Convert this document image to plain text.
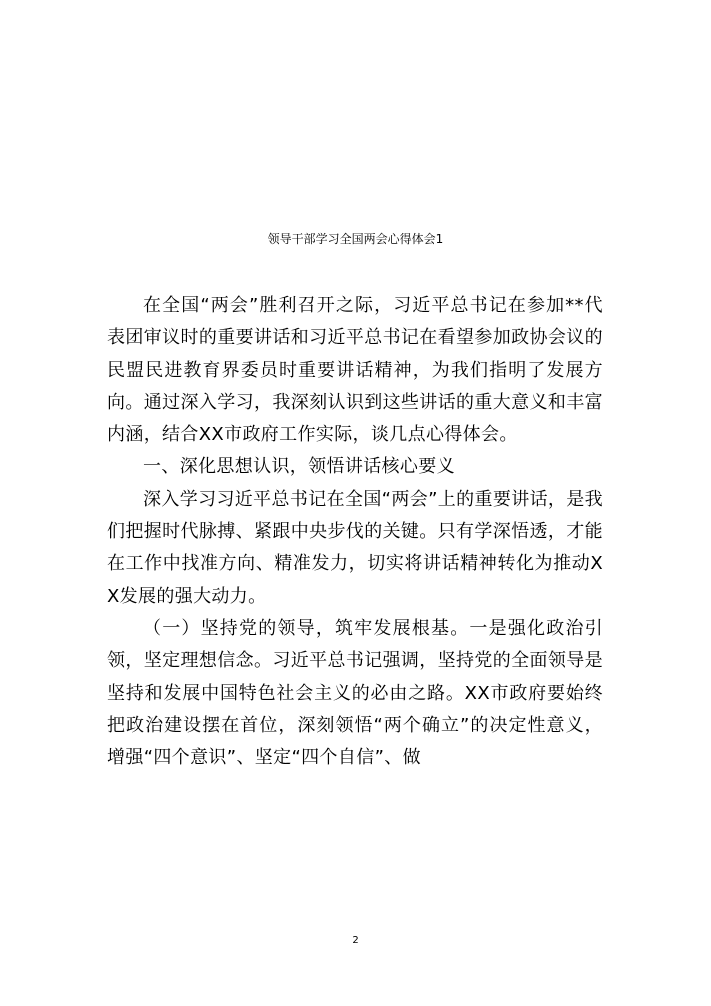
领导干部学习全国两会心得体会1

在全国“两会”胜利召开之际，习近平总书记在参加**代表团审议时的重要讲话和习近平总书记在看望参加政协会议的民盟民进教育界委员时重要讲话精神，为我们指明了发展方向。通过深入学习，我深刻认识到这些讲话的重大意义和丰富内涵，结合XX市政府工作实际，谈几点心得体会。

一、深化思想认识，领悟讲话核心要义

深入学习习近平总书记在全国“两会”上的重要讲话，是我们把握时代脉搏、紧跟中央步伐的关键。只有学深悟透，才能在工作中找准方向、精准发力，切实将讲话精神转化为推动XX发展的强大动力。

（一）坚持党的领导，筑牢发展根基。一是强化政治引领，坚定理想信念。习近平总书记强调，坚持党的全面领导是坚持和发展中国特色社会主义的必由之路。XX市政府要始终把政治建设摆在首位，深刻领悟“两个确立”的决定性意义，增强“四个意识”、坚定“四个自信”、做

2
